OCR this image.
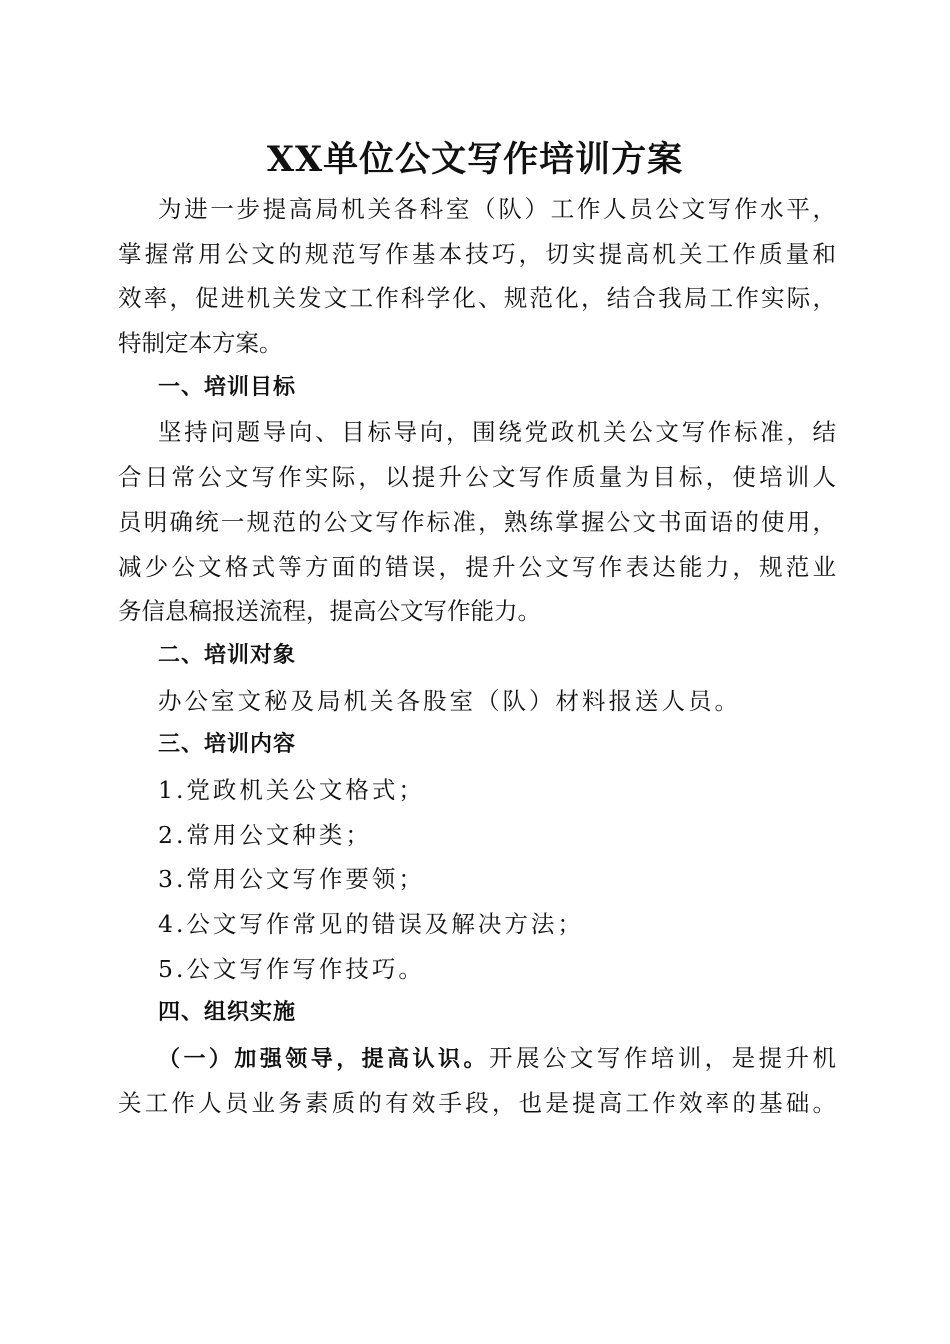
XX单位公文写作培训方案
为进一步提高局机关各科室（队）工作人员公文写作水平，
掌握常用公文的规范写作基本技巧，切实提高机关工作质量和
效率，促进机关发文工作科学化、规范化，结合我局工作实际，
特制定本方案。
一、培训目标
坚持问题导向、目标导向，围绕党政机关公文写作标准，结
合日常公文写作实际，以提升公文写作质量为目标，使培训人
员明确统一规范的公文写作标准，熟练掌握公文书面语的使用，
减少公文格式等方面的错误，提升公文写作表达能力，规范业
务信息稿报送流程，提高公文写作能力。
二、培训对象
办公室文秘及局机关各股室（队）材料报送人员。
三、培训内容
1.党政机关公文格式；
2.常用公文种类；
3.常用公文写作要领；
4.公文写作常见的错误及解决方法；
5.公文写作写作技巧。
四、组织实施
（一）加强领导，提高认识。开展公文写作培训，是提升机
关工作人员业务素质的有效手段，也是提高工作效率的基础。
